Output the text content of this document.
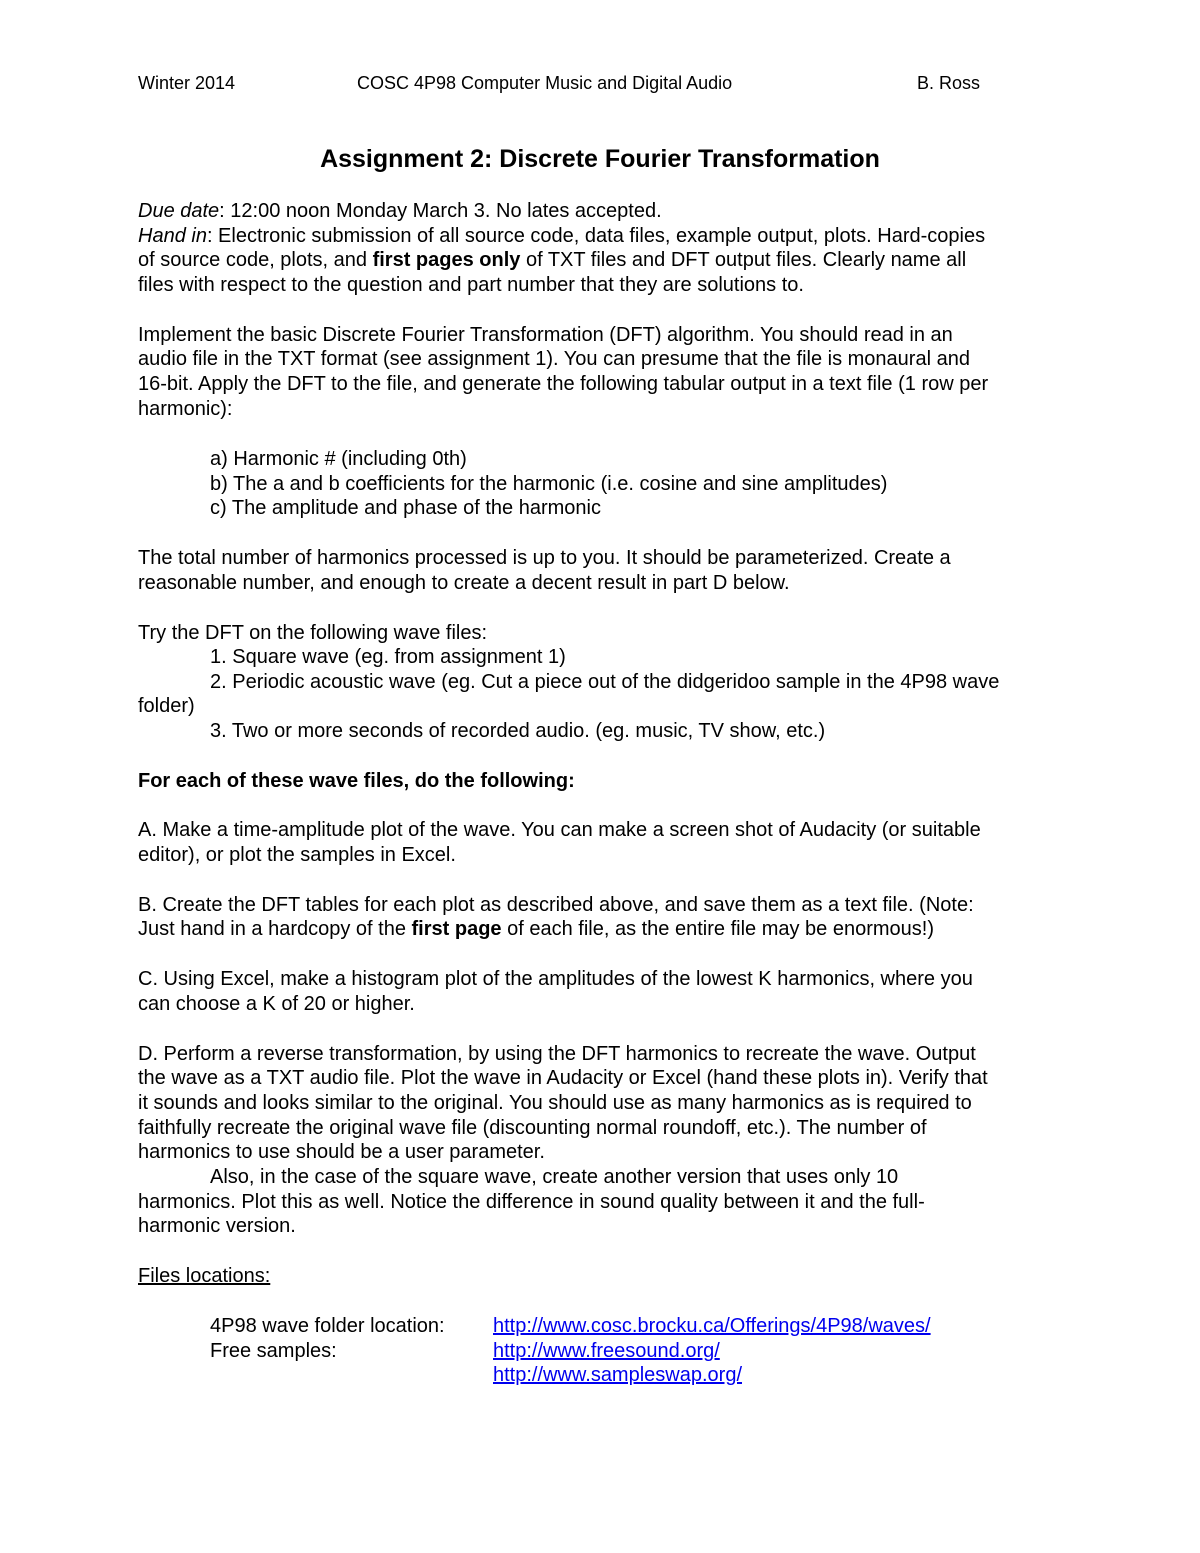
Winter 2014	COSC 4P98 Computer Music and Digital Audio	B. Ross
Assignment 2: Discrete Fourier Transformation
Due date: 12:00 noon Monday March 3. No lates accepted.
Hand in: Electronic submission of all source code, data files, example output, plots. Hard-copies
of source code, plots, and first pages only of TXT files and DFT output files. Clearly name all
files with respect to the question and part number that they are solutions to.
Implement the basic Discrete Fourier Transformation (DFT) algorithm. You should read in an
audio file in the TXT format (see assignment 1). You can presume that the file is monaural and
16-bit. Apply the DFT to the file, and generate the following tabular output in a text file (1 row per
harmonic):
a) Harmonic # (including 0th)
b) The a and b coefficients for the harmonic (i.e. cosine and sine amplitudes)
c) The amplitude and phase of the harmonic
The total number of harmonics processed is up to you. It should be parameterized. Create a
reasonable number, and enough to create a decent result in part D below.
Try the DFT on the following wave files:
1. Square wave (eg. from assignment 1)
2. Periodic acoustic wave (eg. Cut a piece out of the didgeridoo sample in the 4P98 wave
folder)
3. Two or more seconds of recorded audio. (eg. music, TV show, etc.)
For each of these wave files, do the following:
A. Make a time-amplitude plot of the wave. You can make a screen shot of Audacity (or suitable
editor), or plot the samples in Excel.
B. Create the DFT tables for each plot as described above, and save them as a text file. (Note:
Just hand in a hardcopy of the first page of each file, as the entire file may be enormous!)
C. Using Excel, make a histogram plot of the amplitudes of the lowest K harmonics, where you
can choose a K of 20 or higher.
D. Perform a reverse transformation, by using the DFT harmonics to recreate the wave. Output
the wave as a TXT audio file. Plot the wave in Audacity or Excel (hand these plots in). Verify that
it sounds and looks similar to the original. You should use as many harmonics as is required to
faithfully recreate the original wave file (discounting normal roundoff, etc.). The number of
harmonics to use should be a user parameter.
Also, in the case of the square wave, create another version that uses only 10
harmonics. Plot this as well. Notice the difference in sound quality between it and the full-
harmonic version.
Files locations:
4P98 wave folder location: http://www.cosc.brocku.ca/Offerings/4P98/waves/
Free samples:	http://www.freesound.org/
http://www.sampleswap.org/
